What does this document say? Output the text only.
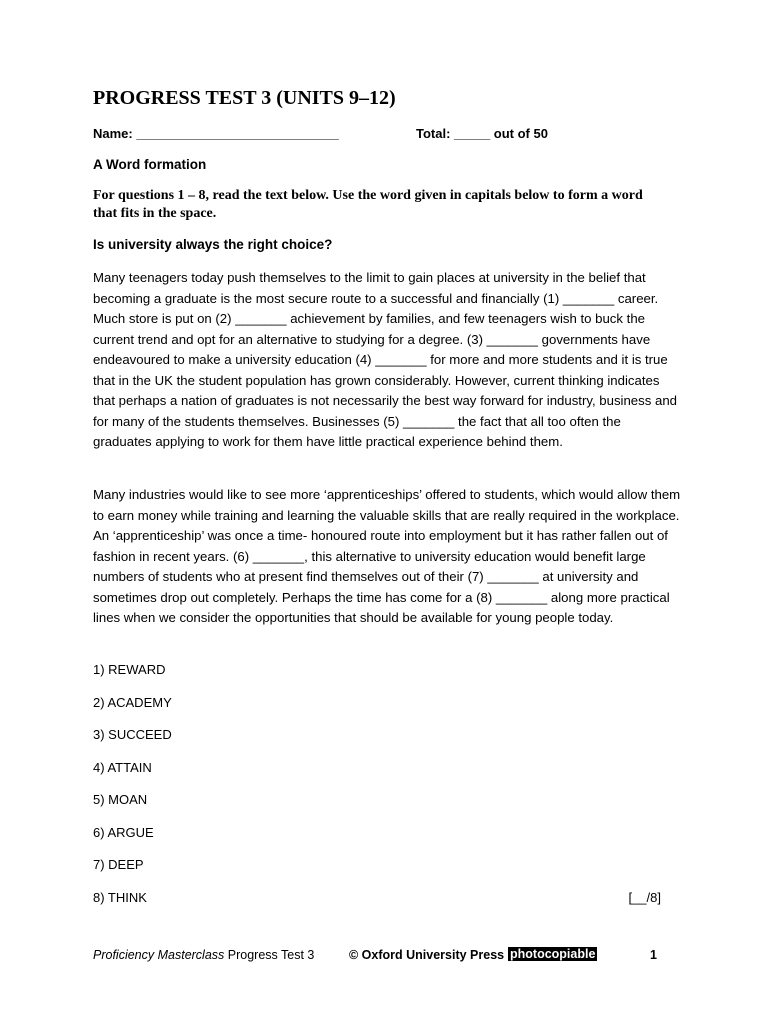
PROGRESS TEST 3 (UNITS 9–12)
Name: ____________________________	Total: _____ out of 50
A Word formation
For questions 1 – 8, read the text below. Use the word given in capitals below to form a word that fits in the space.
Is university always the right choice?

Many teenagers today push themselves to the limit to gain places at university in the belief that becoming a graduate is the most secure route to a successful and financially (1) _______ career. Much store is put on (2) _______ achievement by families, and few teenagers wish to buck the current trend and opt for an alternative to studying for a degree. (3) _______ governments have endeavoured to make a university education (4) _______ for more and more students and it is true that in the UK the student population has grown considerably. However, current thinking indicates that perhaps a nation of graduates is not necessarily the best way forward for industry, business and for many of the students themselves. Businesses (5) _______ the fact that all too often the graduates applying to work for them have little practical experience behind them.

Many industries would like to see more ‘apprenticeships’ offered to students, which would allow them to earn money while training and learning the valuable skills that are really required in the workplace. An ‘apprenticeship’ was once a time- honoured route into employment but it has rather fallen out of fashion in recent years. (6) _______, this alternative to university education would benefit large numbers of students who at present find themselves out of their (7) _______ at university and sometimes drop out completely. Perhaps the time has come for a (8) _______ along more practical lines when we consider the opportunities that should be available for young people today.

1) REWARD
2) ACADEMY
3) SUCCEED
4) ATTAIN
5) MOAN
6) ARGUE
7) DEEP
8) THINK	[__/8]
Proficiency Masterclass Progress Test 3	© Oxford University Press photocopiable	1
